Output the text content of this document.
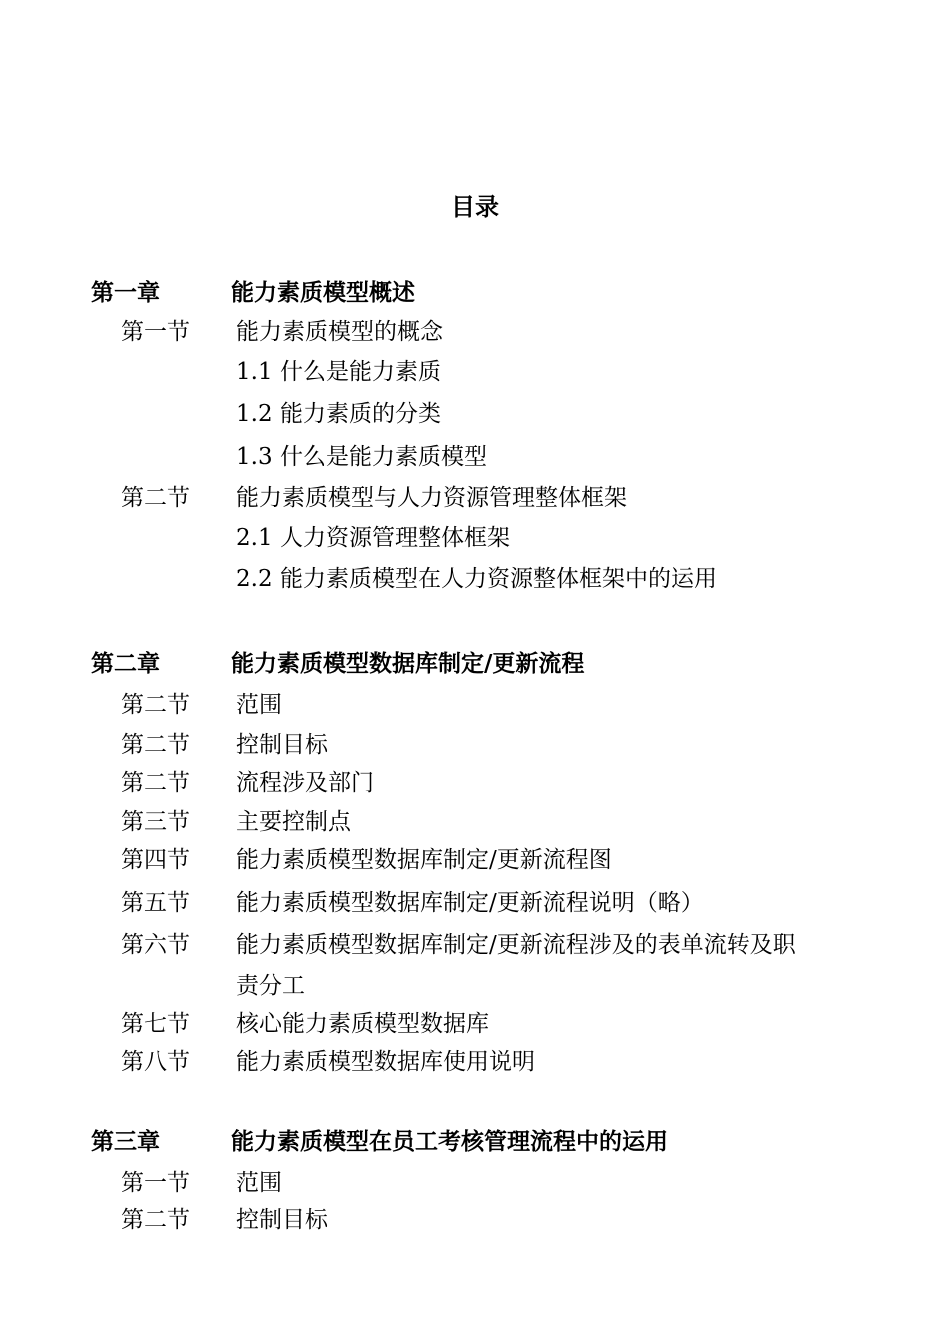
目录
第一章	能力素质模型概述
第一节 能力素质模型的概念
1.1 什么是能力素质
1.2 能力素质的分类
1.3 什么是能力素质模型
第二节 能力素质模型与人力资源管理整体框架
2.1 人力资源管理整体框架
2.2 能力素质模型在人力资源整体框架中的运用
第二章	能力素质模型数据库制定/更新流程
第二节 范围
第二节 控制目标
第二节 流程涉及部门
第三节 主要控制点
第四节 能力素质模型数据库制定/更新流程图
第五节 能力素质模型数据库制定/更新流程说明（略）
第六节 能力素质模型数据库制定/更新流程涉及的表单流转及职
责分工
第七节 核心能力素质模型数据库
第八节 能力素质模型数据库使用说明
第三章	能力素质模型在员工考核管理流程中的运用
第一节 范围
第二节 控制目标
